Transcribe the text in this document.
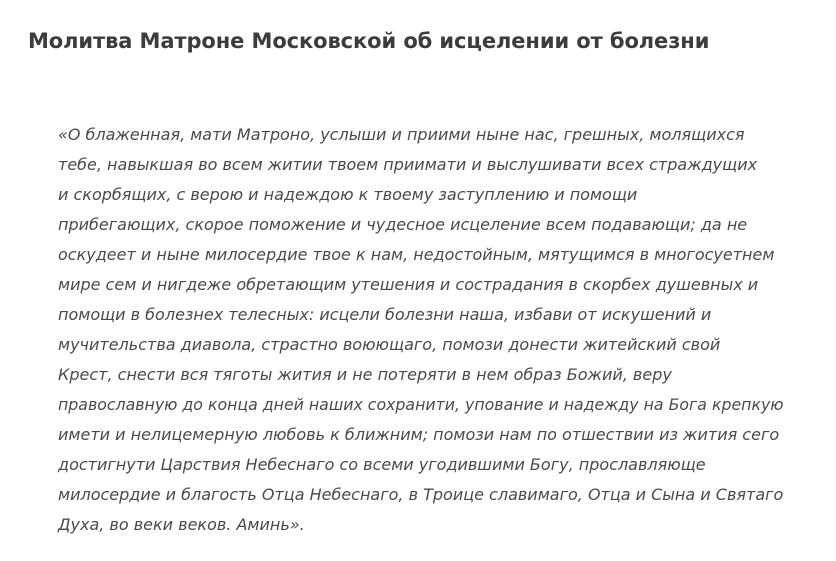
Молитва Матроне Московской об исцелении от болезни
«О блаженная, мати Матроно, услыши и приими ныне нас, грешных, молящихся
тебе, навыкшая во всем житии твоем приимати и выслушивати всех страждущих
и скорбящих, с верою и надеждою к твоему заступлению и помощи
прибегающих, скорое поможение и чудесное исцеление всем подавающи; да не
оскудеет и ныне милосердие твое к нам, недостойным, мятущимся в многосуетнем
мире сем и нигдеже обретающим утешения и сострадания в скорбех душевных и
помощи в болезнех телесных: исцели болезни наша, избави от искушений и
мучительства диавола, страстно воюющаго, помози донести житейский свой
Крест, снести вся тяготы жития и не потеряти в нем образ Божий, веру
православную до конца дней наших сохранити, упование и надежду на Бога крепкую
имети и нелицемерную любовь к ближним; помози нам по отшествии из жития сего
достигнути Царствия Небеснаго со всеми угодившими Богу, прославляюще
милосердие и благость Отца Небеснаго, в Троице славимаго, Отца и Сына и Святаго
Духа, во веки веков. Аминь».
